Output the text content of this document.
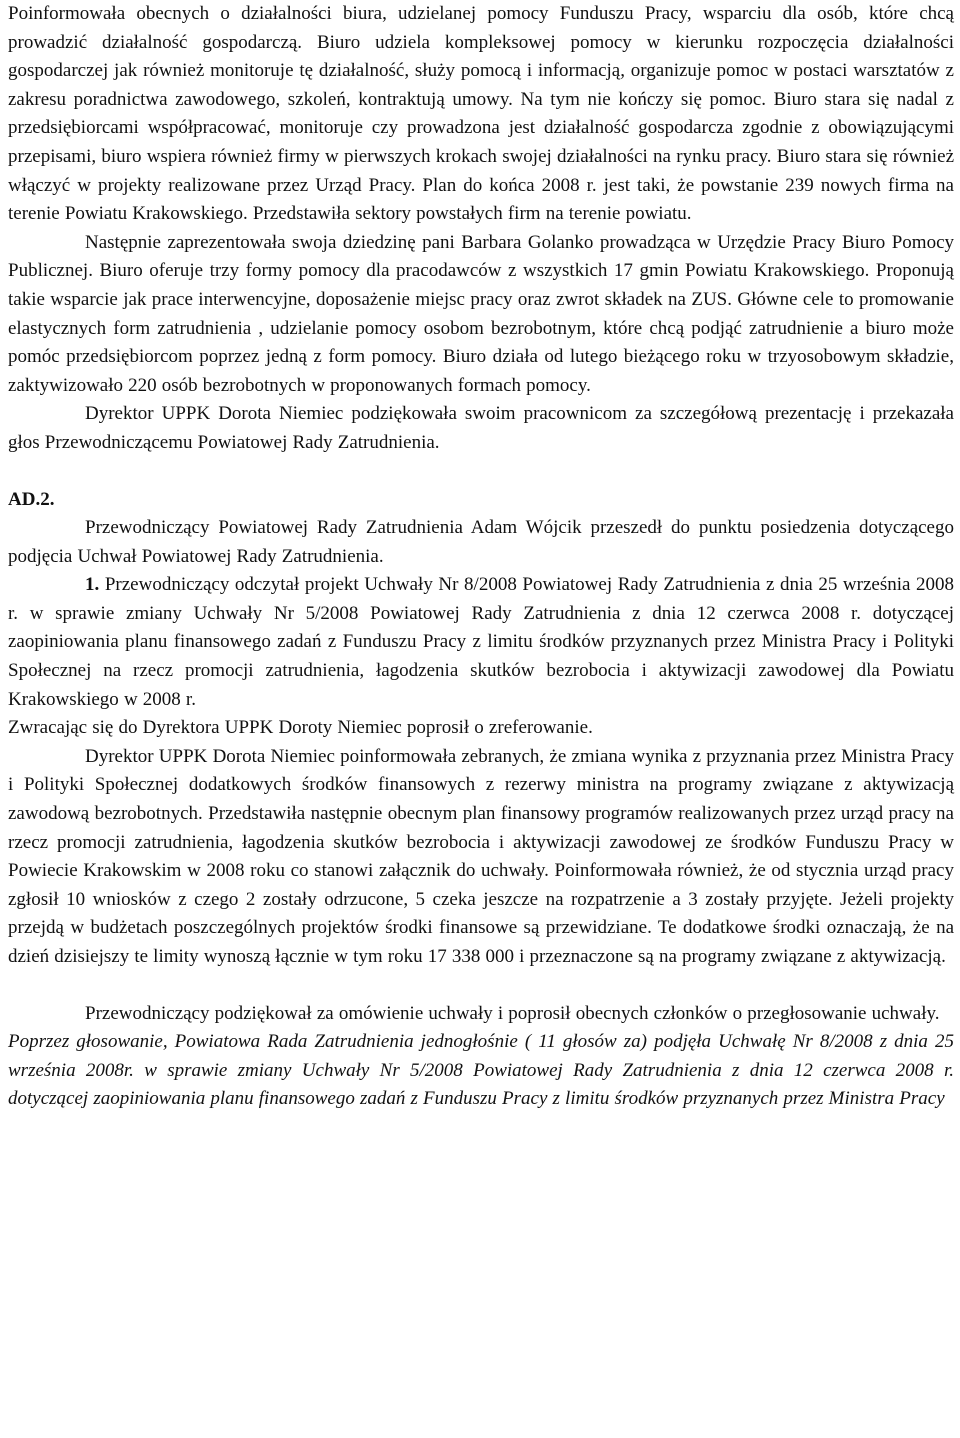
Poinformowała obecnych o działalności biura, udzielanej pomocy Funduszu Pracy, wsparciu dla osób, które chcą prowadzić działalność gospodarczą. Biuro udziela kompleksowej pomocy w kierunku rozpoczęcia działalności gospodarczej jak również monitoruje tę działalność, służy pomocą i informacją, organizuje pomoc w postaci warsztatów z zakresu poradnictwa zawodowego, szkoleń, kontraktują umowy. Na tym nie kończy się pomoc. Biuro stara się nadal z przedsiębiorcami współpracować, monitoruje czy prowadzona jest działalność gospodarcza zgodnie z obowiązującymi przepisami, biuro wspiera również firmy w pierwszych krokach swojej działalności na rynku pracy. Biuro stara się również włączyć w projekty realizowane przez Urząd Pracy. Plan do końca 2008 r. jest taki, że powstanie 239 nowych firma na terenie Powiatu Krakowskiego. Przedstawiła sektory powstałych firm na terenie powiatu.

Następnie zaprezentowała swoja dziedzinę pani Barbara Golanko prowadząca w Urzędzie Pracy Biuro Pomocy Publicznej. Biuro oferuje trzy formy pomocy dla pracodawców z wszystkich 17 gmin Powiatu Krakowskiego. Proponują takie wsparcie jak prace interwencyjne, doposażenie miejsc pracy oraz zwrot składek na ZUS. Główne cele to promowanie elastycznych form zatrudnienia , udzielanie pomocy osobom bezrobotnym, które chcą podjąć zatrudnienie a biuro może pomóc przedsiębiorcom poprzez jedną z form pomocy. Biuro działa od lutego bieżącego roku w trzyosobowym składzie, zaktywizowało 220 osób bezrobotnych w proponowanych formach pomocy.

Dyrektor UPPK Dorota Niemiec podziękowała swoim pracownicom za szczegółową prezentację i przekazała głos Przewodniczącemu Powiatowej Rady Zatrudnienia.

AD.2.

Przewodniczący Powiatowej Rady Zatrudnienia Adam Wójcik przeszedł do punktu posiedzenia dotyczącego podjęcia Uchwał Powiatowej Rady Zatrudnienia.

1. Przewodniczący odczytał projekt Uchwały Nr 8/2008 Powiatowej Rady Zatrudnienia z dnia 25 września 2008 r. w sprawie zmiany Uchwały Nr 5/2008 Powiatowej Rady Zatrudnienia z dnia 12 czerwca 2008 r. dotyczącej zaopiniowania planu finansowego zadań z Funduszu Pracy z limitu środków przyznanych przez Ministra Pracy i Polityki Społecznej na rzecz promocji zatrudnienia, łagodzenia skutków bezrobocia i aktywizacji zawodowej dla Powiatu Krakowskiego w 2008 r.

Zwracając się do Dyrektora UPPK Doroty Niemiec poprosił o zreferowanie.

Dyrektor UPPK Dorota Niemiec poinformowała zebranych, że zmiana wynika z przyznania przez Ministra Pracy i Polityki Społecznej dodatkowych środków finansowych z rezerwy ministra na programy związane z aktywizacją zawodową bezrobotnych. Przedstawiła następnie obecnym plan finansowy programów realizowanych przez urząd pracy na rzecz promocji zatrudnienia, łagodzenia skutków bezrobocia i aktywizacji zawodowej ze środków Funduszu Pracy w Powiecie Krakowskim w 2008 roku co stanowi załącznik do uchwały. Poinformowała również, że od stycznia urząd pracy zgłosił 10 wniosków z czego 2 zostały odrzucone, 5 czeka jeszcze na rozpatrzenie a 3 zostały przyjęte. Jeżeli projekty przejdą w budżetach poszczególnych projektów środki finansowe są przewidziane. Te dodatkowe środki oznaczają, że na dzień dzisiejszy te limity wynoszą łącznie w tym roku 17 338 000 i przeznaczone są na programy związane z aktywizacją.

Przewodniczący podziękował za omówienie uchwały i poprosił obecnych członków o przegłosowanie uchwały.

Poprzez głosowanie, Powiatowa Rada Zatrudnienia jednogłośnie ( 11 głosów za) podjęła Uchwałę Nr 8/2008 z dnia 25 września 2008r. w sprawie zmiany Uchwały Nr 5/2008 Powiatowej Rady Zatrudnienia z dnia 12 czerwca 2008 r. dotyczącej zaopiniowania planu finansowego zadań z Funduszu Pracy z limitu środków przyznanych przez Ministra Pracy
